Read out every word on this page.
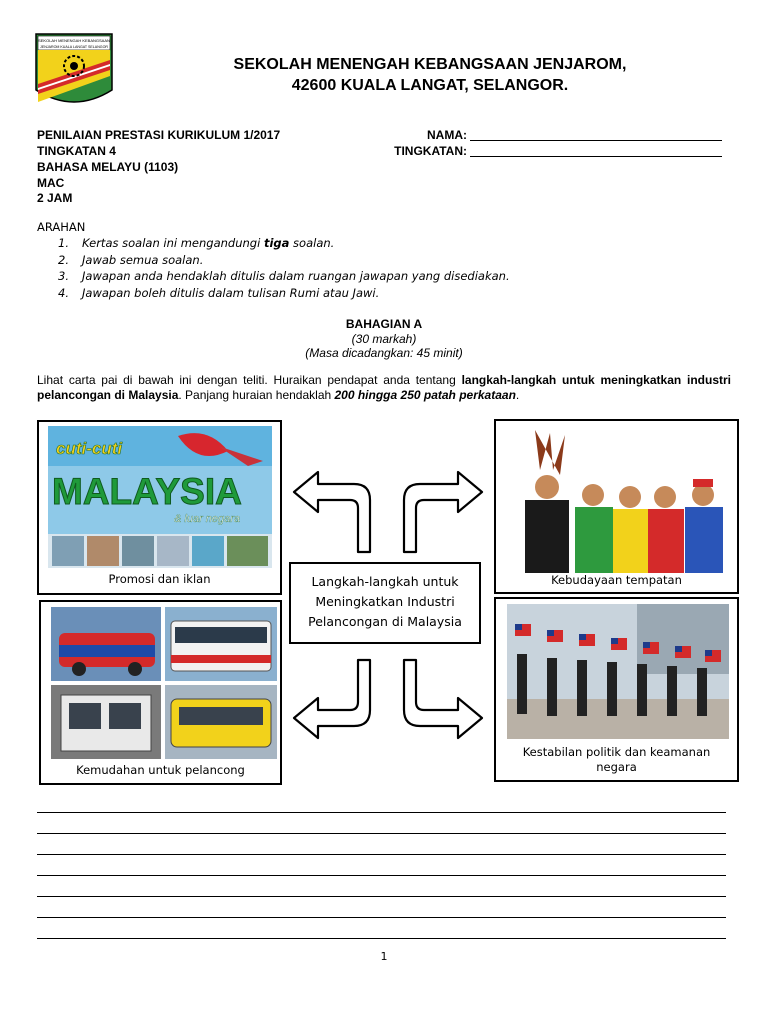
SEKOLAH MENENGAH KEBANGSAAN
JENJAROM KUALA LANGAT SELANGOR
SEKOLAH MENENGAH KEBANGSAAN JENJAROM,
42600 KUALA LANGAT, SELANGOR.
PENILAIAN PRESTASI KURIKULUM 1/2017
TINGKATAN 4
BAHASA MELAYU (1103)
MAC
2 JAM
NAMA:
TINGKATAN:
ARAHAN
1. Kertas soalan ini mengandungi tiga soalan.
2. Jawab semua soalan.
3. Jawapan anda hendaklah ditulis dalam ruangan jawapan yang disediakan.
4. Jawapan boleh ditulis dalam tulisan Rumi atau Jawi.
BAHAGIAN A
(30 markah)
(Masa dicadangkan: 45 minit)
Lihat carta pai di bawah ini dengan teliti. Huraikan pendapat anda tentang langkah-langkah untuk meningkatkan industri pelancongan di Malaysia. Panjang huraian hendaklah 200 hingga 250 patah perkataan.
cuti-cuti
MALAYSIA
& luar negara
Promosi dan iklan	Kebudayaan tempatan
Kemudahan untuk pelancong
Kestabilan politik dan keamanan
negara
Langkah-langkah untuk
Meningkatkan Industri
Pelancongan di Malaysia
1
